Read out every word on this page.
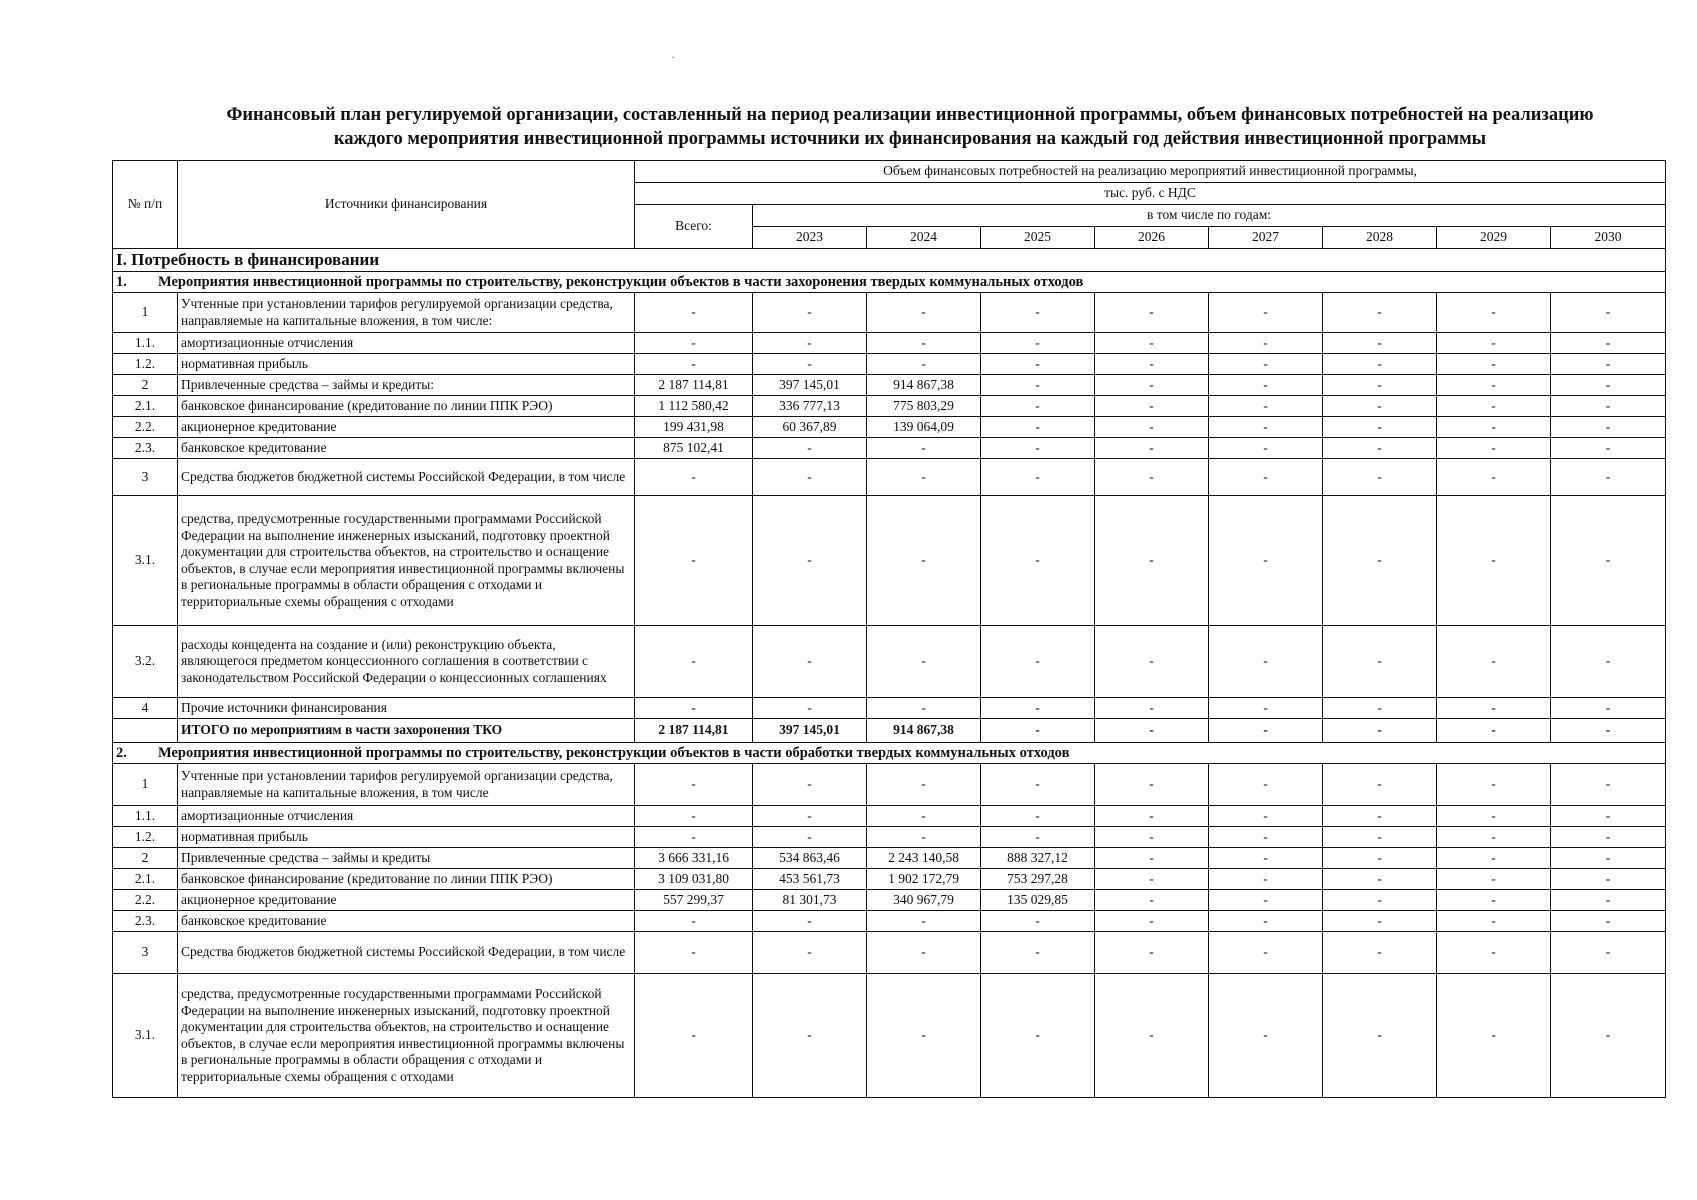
.
Финансовый план регулируемой организации, составленный на период реализации инвестиционной программы, объем финансовых потребностей на реализацию
каждого мероприятия инвестиционной программы источники их финансирования на каждый год действия инвестиционной программы
№ п/п	Источники финансирования	Объем финансовых потребностей на реализацию мероприятий инвестиционной программы,								
		тыс. руб. с НДС								
		Всего:	в том числе по годам:							
			2023	2024	2025	2026	2027	2028	2029	2030
I. Потребность в финансировании										
1. Мероприятия инвестиционной программы по строительству, реконструкции объектов в части захоронения твердых коммунальных отходов										
1	Учтенные при установлении тарифов регулируемой организации средства, направляемые на капитальные вложения, в том числе:	-	-	-	-	-	-	-	-	-
1.1.	амортизационные отчисления	-	-	-	-	-	-	-	-	-
1.2.	нормативная прибыль	-	-	-	-	-	-	-	-	-
2	Привлеченные средства – займы и кредиты:	2 187 114,81	397 145,01	914 867,38	-	-	-	-	-	-
2.1.	банковское финансирование (кредитование по линии ППК РЭО)	1 112 580,42	336 777,13	775 803,29	-	-	-	-	-	-
2.2.	акционерное кредитование	199 431,98	60 367,89	139 064,09	-	-	-	-	-	-
2.3.	банковское кредитование	875 102,41	-	-	-	-	-	-	-	-
3	Средства бюджетов бюджетной системы Российской Федерации, в том числе	-	-	-	-	-	-	-	-	-
3.1.	средства, предусмотренные государственными программами Российской Федерации на выполнение инженерных изысканий, подготовку проектной документации для строительства объектов, на строительство и оснащение объектов, в случае если мероприятия инвестиционной программы включены в региональные программы в области обращения с отходами и территориальные схемы обращения с отходами	-	-	-	-	-	-	-	-	-
3.2.	расходы концедента на создание и (или) реконструкцию объекта, являющегося предметом концессионного соглашения в соответствии с законодательством Российской Федерации о концессионных соглашениях	-	-	-	-	-	-	-	-	-
4	Прочие источники финансирования	-	-	-	-	-	-	-	-	-
	ИТОГО по мероприятиям в части захоронения ТКО	2 187 114,81	397 145,01	914 867,38	-	-	-	-	-	-
2. Мероприятия инвестиционной программы по строительству, реконструкции объектов в части обработки твердых коммунальных отходов										
1	Учтенные при установлении тарифов регулируемой организации средства, направляемые на капитальные вложения, в том числе	-	-	-	-	-	-	-	-	-
1.1.	амортизационные отчисления	-	-	-	-	-	-	-	-	-
1.2.	нормативная прибыль	-	-	-	-	-	-	-	-	-
2	Привлеченные средства – займы и кредиты	3 666 331,16	534 863,46	2 243 140,58	888 327,12	-	-	-	-	-
2.1.	банковское финансирование (кредитование по линии ППК РЭО)	3 109 031,80	453 561,73	1 902 172,79	753 297,28	-	-	-	-	-
2.2.	акционерное кредитование	557 299,37	81 301,73	340 967,79	135 029,85	-	-	-	-	-
2.3.	банковское кредитование	-	-	-	-	-	-	-	-	-
3	Средства бюджетов бюджетной системы Российской Федерации, в том числе	-	-	-	-	-	-	-	-	-
3.1.	средства, предусмотренные государственными программами Российской Федерации на выполнение инженерных изысканий, подготовку проектной документации для строительства объектов, на строительство и оснащение объектов, в случае если мероприятия инвестиционной программы включены в региональные программы в области обращения с отходами и территориальные схемы обращения с отходами	-	-	-	-	-	-	-	-	-
